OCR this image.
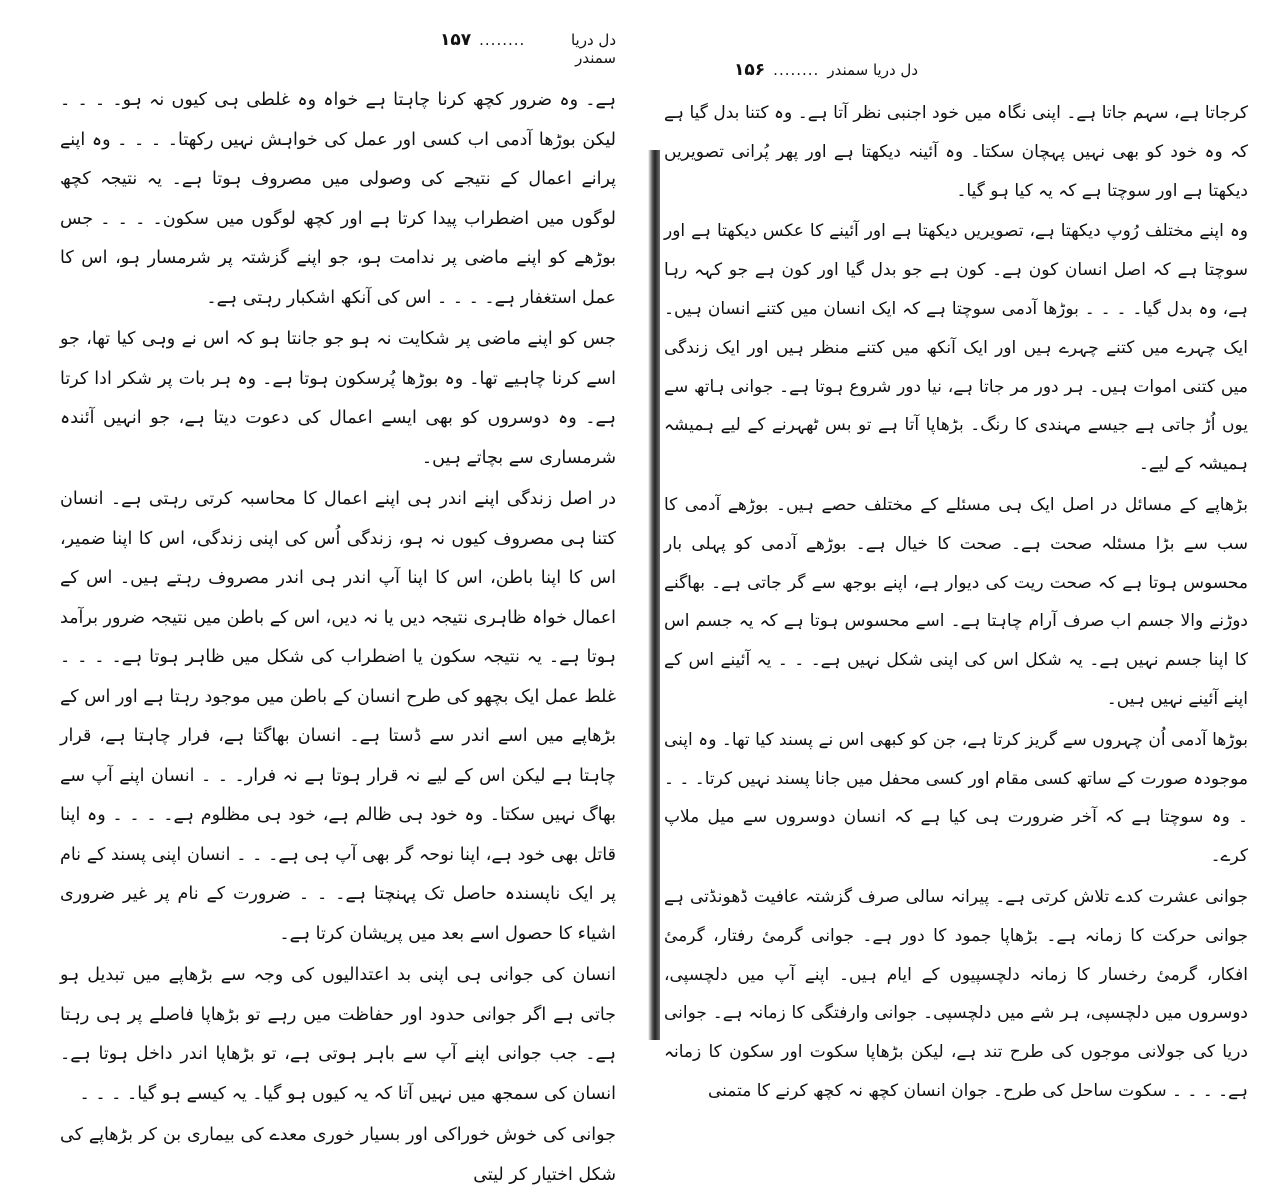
۱۵۷ ........	دل دریا سمندر

ہے۔ وہ ضرور کچھ کرنا چاہتا ہے خواہ وہ غلطی ہی کیوں نہ ہو۔ ۔ ۔ ۔ لیکن بوڑھا آدمی اب کسی اور عمل کی خواہش نہیں رکھتا۔ ۔ ۔ ۔ وہ اپنے پرانے اعمال کے نتیجے کی وصولی میں مصروف ہوتا ہے۔ یہ نتیجہ کچھ لوگوں میں اضطراب پیدا کرتا ہے اور کچھ لوگوں میں سکون۔ ۔ ۔ ۔ جس بوڑھے کو اپنے ماضی پر ندامت ہو، جو اپنے گزشتہ پر شرمسار ہو، اس کا عمل استغفار ہے۔ ۔ ۔ ۔ اس کی آنکھ اشکبار رہتی ہے۔

جس کو اپنے ماضی پر شکایت نہ ہو جو جانتا ہو کہ اس نے وہی کیا تھا، جو اسے کرنا چاہیے تھا۔ وہ بوڑھا پُرسکون ہوتا ہے۔ وہ ہر بات پر شکر ادا کرتا ہے۔ وہ دوسروں کو بھی ایسے اعمال کی دعوت دیتا ہے، جو انہیں آئندہ شرمساری سے بچاتے ہیں۔

در اصل زندگی اپنے اندر ہی اپنے اعمال کا محاسبہ کرتی رہتی ہے۔ انسان کتنا ہی مصروف کیوں نہ ہو، زندگی اُس کی اپنی زندگی، اس کا اپنا ضمیر، اس کا اپنا باطن، اس کا اپنا آپ اندر ہی اندر مصروف رہتے ہیں۔ اس کے اعمال خواہ ظاہری نتیجہ دیں یا نہ دیں، اس کے باطن میں نتیجہ ضرور برآمد ہوتا ہے۔ یہ نتیجہ سکون یا اضطراب کی شکل میں ظاہر ہوتا ہے۔ ۔ ۔ ۔ غلط عمل ایک بچھو کی طرح انسان کے باطن میں موجود رہتا ہے اور اس کے بڑھاپے میں اسے اندر سے ڈستا ہے۔ انسان بھاگتا ہے، فرار چاہتا ہے، قرار چاہتا ہے لیکن اس کے لیے نہ قرار ہوتا ہے نہ فرار۔ ۔ ۔ انسان اپنے آپ سے بھاگ نہیں سکتا۔ وہ خود ہی ظالم ہے، خود ہی مظلوم ہے۔ ۔ ۔ ۔ وہ اپنا قاتل بھی خود ہے، اپنا نوحہ گر بھی آپ ہی ہے۔ ۔ ۔ انسان اپنی پسند کے نام پر ایک ناپسندہ حاصل تک پہنچتا ہے۔ ۔ ۔ ضرورت کے نام پر غیر ضروری اشیاء کا حصول اسے بعد میں پریشان کرتا ہے۔

انسان کی جوانی ہی اپنی بد اعتدالیوں کی وجہ سے بڑھاپے میں تبدیل ہو جاتی ہے اگر جوانی حدود اور حفاظت میں رہے تو بڑھاپا فاصلے پر ہی رہتا ہے۔ جب جوانی اپنے آپ سے باہر ہوتی ہے، تو بڑھاپا اندر داخل ہوتا ہے۔ انسان کی سمجھ میں نہیں آتا کہ یہ کیوں ہو گیا۔ یہ کیسے ہو گیا۔ ۔ ۔ ۔

جوانی کی خوش خوراکی اور بسیار خوری معدے کی بیماری بن کر بڑھاپے کی شکل اختیار کر لیتی

۱۵۶ ........ دل دریا سمندر

کرجاتا ہے، سہم جاتا ہے۔ اپنی نگاہ میں خود اجنبی نظر آتا ہے۔ وہ کتنا بدل گیا ہے کہ وہ خود کو بھی نہیں پہچان سکتا۔ وہ آئینہ دیکھتا ہے اور پھر پُرانی تصویریں دیکھتا ہے اور سوچتا ہے کہ یہ کیا ہو گیا۔

وہ اپنے مختلف رُوپ دیکھتا ہے، تصویریں دیکھتا ہے اور آئینے کا عکس دیکھتا ہے اور سوچتا ہے کہ اصل انسان کون ہے۔ کون ہے جو بدل گیا اور کون ہے جو کہہ رہا ہے، وہ بدل گیا۔ ۔ ۔ ۔ بوڑھا آدمی سوچتا ہے کہ ایک انسان میں کتنے انسان ہیں۔ ایک چہرے میں کتنے چہرے ہیں اور ایک آنکھ میں کتنے منظر ہیں اور ایک زندگی میں کتنی اموات ہیں۔ ہر دور مر جاتا ہے، نیا دور شروع ہوتا ہے۔ جوانی ہاتھ سے یوں اُڑ جاتی ہے جیسے مہندی کا رنگ۔ بڑھاپا آتا ہے تو بس ٹھہرنے کے لیے ہمیشہ ہمیشہ کے لیے۔

بڑھاپے کے مسائل در اصل ایک ہی مسئلے کے مختلف حصے ہیں۔ بوڑھے آدمی کا سب سے بڑا مسئلہ صحت ہے۔ صحت کا خیال ہے۔ بوڑھے آدمی کو پہلی بار محسوس ہوتا ہے کہ صحت ریت کی دیوار ہے، اپنے بوجھ سے گر جاتی ہے۔ بھاگنے دوڑنے والا جسم اب صرف آرام چاہتا ہے۔ اسے محسوس ہوتا ہے کہ یہ جسم اس کا اپنا جسم نہیں ہے۔ یہ شکل اس کی اپنی شکل نہیں ہے۔ ۔ ۔ یہ آئینے اس کے اپنے آئینے نہیں ہیں۔

بوڑھا آدمی اُن چہروں سے گریز کرتا ہے، جن کو کبھی اس نے پسند کیا تھا۔ وہ اپنی موجودہ صورت کے ساتھ کسی مقام اور کسی محفل میں جانا پسند نہیں کرتا۔ ۔ ۔ ۔ وہ سوچتا ہے کہ آخر ضرورت ہی کیا ہے کہ انسان دوسروں سے میل ملاپ کرے۔

جوانی عشرت کدے تلاش کرتی ہے۔ پیرانہ سالی صرف گزشتہ عافیت ڈھونڈتی ہے جوانی حرکت کا زمانہ ہے۔ بڑھاپا جمود کا دور ہے۔ جوانی گرمیٔ رفتار، گرمیٔ افکار، گرمیٔ رخسار کا زمانہ دلچسپیوں کے ایام ہیں۔ اپنے آپ میں دلچسپی، دوسروں میں دلچسپی، ہر شے میں دلچسپی۔ جوانی وارفتگی کا زمانہ ہے۔ جوانی دریا کی جولانی موجوں کی طرح تند ہے، لیکن بڑھاپا سکوت اور سکون کا زمانہ ہے۔ ۔ ۔ ۔ سکوت ساحل کی طرح۔ جوان انسان کچھ نہ کچھ کرنے کا متمنی
